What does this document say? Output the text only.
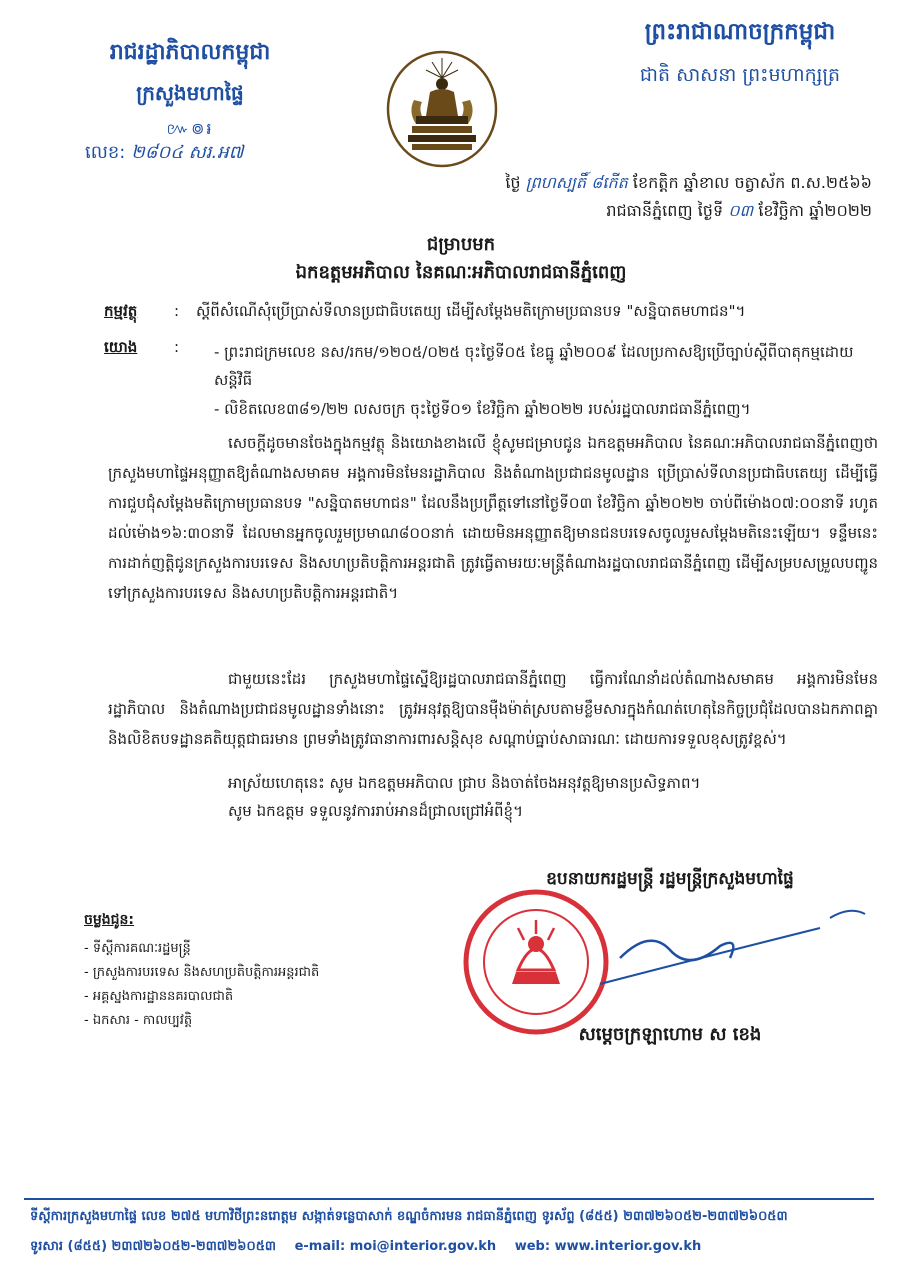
រាជរដ្ឋាភិបាលកម្ពុជា
ក្រសួងមហាផ្ទៃ
៚៙៛
លេខ: ២៨០៤ សរ.អ៧
ព្រះរាជាណាចក្រកម្ពុជា
ជាតិ សាសនា ព្រះមហាក្សត្រ
ថ្ងៃ ព្រហស្បតិ៍ ៨កើត ខែកត្តិក ឆ្នាំខាល ចត្វាស័ក ព.ស.២៥៦៦
រាជធានីភ្នំពេញ ថ្ងៃទី ០៣ ខែវិច្ឆិកា ឆ្នាំ២០២២
ជម្រាបមក
ឯកឧត្តមអភិបាល នៃគណៈអភិបាលរាជធានីភ្នំពេញ
កម្មវត្ថុ : ស្តីពីសំណើសុំប្រើប្រាស់ទីលានប្រជាធិបតេយ្យ ដើម្បីសម្តែងមតិក្រោមប្រធានបទ "សន្និបាតមហាជន"។
យោង :	- ព្រះរាជក្រមលេខ នស/រកម/១២០៥/០២៥ ចុះថ្ងៃទី០៥ ខែធ្នូ ឆ្នាំ២០០៩ ដែលប្រកាសឱ្យប្រើច្បាប់ស្តីពីបាតុកម្មដោយសន្តិវិធី
- លិខិតលេខ៣៨១/២២ លសចក្រ ចុះថ្ងៃទី០១ ខែវិច្ឆិកា ឆ្នាំ២០២២ របស់រដ្ឋបាលរាជធានីភ្នំពេញ។
សេចក្តីដូចមានចែងក្នុងកម្មវត្ថុ និងយោងខាងលើ ខ្ញុំសូមជម្រាបជូន ឯកឧត្តមអភិបាល នៃគណៈអភិបាលរាជធានីភ្នំពេញថា ក្រសួងមហាផ្ទៃអនុញ្ញាតឱ្យតំណាងសមាគម អង្គការមិនមែនរដ្ឋាភិបាល និងតំណាងប្រជាជនមូលដ្ឋាន ប្រើប្រាស់ទីលានប្រជាធិបតេយ្យ ដើម្បីធ្វើការជួបជុំសម្តែងមតិក្រោមប្រធានបទ "សន្និបាតមហាជន" ដែលនឹងប្រព្រឹត្តទៅនៅថ្ងៃទី០៣ ខែវិច្ឆិកា ឆ្នាំ២០២២ ចាប់ពីម៉ោង០៧:០០នាទី រហូតដល់ម៉ោង១៦:៣០នាទី ដែលមានអ្នកចូលរួមប្រមាណ៨០០នាក់ ដោយមិនអនុញ្ញាតឱ្យមានជនបរទេសចូលរួមសម្តែងមតិនេះឡើយ។ ទន្ទឹមនេះ ការដាក់ញត្តិជូនក្រសួងការបរទេស និងសហប្រតិបត្តិការអន្តរជាតិ ត្រូវធ្វើតាមរយៈមន្ត្រីតំណាងរដ្ឋបាលរាជធានីភ្នំពេញ ដើម្បីសម្របសម្រួលបញ្ជូនទៅក្រសួងការបរទេស និងសហប្រតិបត្តិការអន្តរជាតិ។
ជាមួយនេះដែរ ក្រសួងមហាផ្ទៃស្នើឱ្យរដ្ឋបាលរាជធានីភ្នំពេញ ធ្វើការណែនាំដល់តំណាងសមាគម អង្គការមិនមែនរដ្ឋាភិបាល និងតំណាងប្រជាជនមូលដ្ឋានទាំងនោះ ត្រូវអនុវត្តឱ្យបានម៉ឺងម៉ាត់ស្របតាមខ្លឹមសារក្នុងកំណត់ហេតុនៃកិច្ចប្រជុំដែលបានឯកភាពគ្នា និងលិខិតបទដ្ឋានគតិយុត្តជាធរមាន ព្រមទាំងត្រូវធានាការពារសន្តិសុខ សណ្តាប់ធ្នាប់សាធារណៈ ដោយការទទួលខុសត្រូវខ្ពស់។
អាស្រ័យហេតុនេះ សូម ឯកឧត្តមអភិបាល ជ្រាប និងចាត់ចែងអនុវត្តឱ្យមានប្រសិទ្ធភាព។
សូម ឯកឧត្តម ទទួលនូវការរាប់អានដ៏ជ្រាលជ្រៅអំពីខ្ញុំ។
ឧបនាយករដ្ឋមន្ត្រី រដ្ឋមន្ត្រីក្រសួងមហាផ្ទៃ
សម្តេចក្រឡាហោម ស ខេង
ចម្លងជូន:
- ទីស្តីការគណៈរដ្ឋមន្ត្រី
- ក្រសួងការបរទេស និងសហប្រតិបត្តិការអន្តរជាតិ
- អគ្គស្នងការដ្ឋាននគរបាលជាតិ
- ឯកសារ - កាលប្បវត្តិ
ទីស្តីការក្រសួងមហាផ្ទៃ លេខ ២៧៥ មហាវិថីព្រះនរោត្តម សង្កាត់ទន្លេបាសាក់ ខណ្ឌចំការមន រាជធានីភ្នំពេញ ទូរស័ព្ទ (៨៥៥) ២៣៧២៦០៥២-២៣៧២៦០៥៣
ទូរសារ (៨៥៥) ២៣៧២៦០៥២-២៣៧២៦០៥៣ e-mail: moi@interior.gov.kh web: www.interior.gov.kh
